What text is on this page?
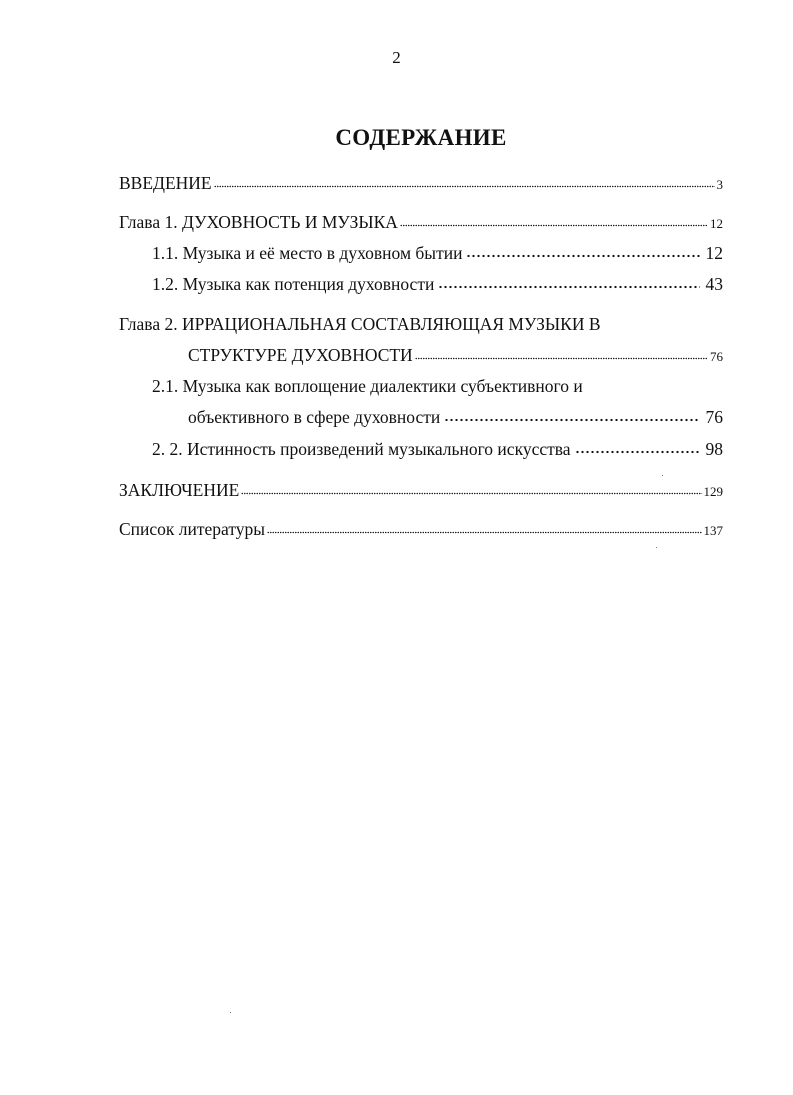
2
СОДЕРЖАНИЕ
ВВЕДЕНИЕ	3
Глава 1. ДУХОВНОСТЬ И МУЗЫКА	12
1.1. Музыка и её место в духовном бытии	12
1.2. Музыка как потенция духовности	43
Глава 2. ИРРАЦИОНАЛЬНАЯ СОСТАВЛЯЮЩАЯ МУЗЫКИ В
СТРУКТУРЕ ДУХОВНОСТИ	76
2.1. Музыка как воплощение диалектики субъективного и
объективного в сфере духовности	76
2. 2. Истинность произведений музыкального искусства	98
ЗАКЛЮЧЕНИЕ	129
Список литературы	137
